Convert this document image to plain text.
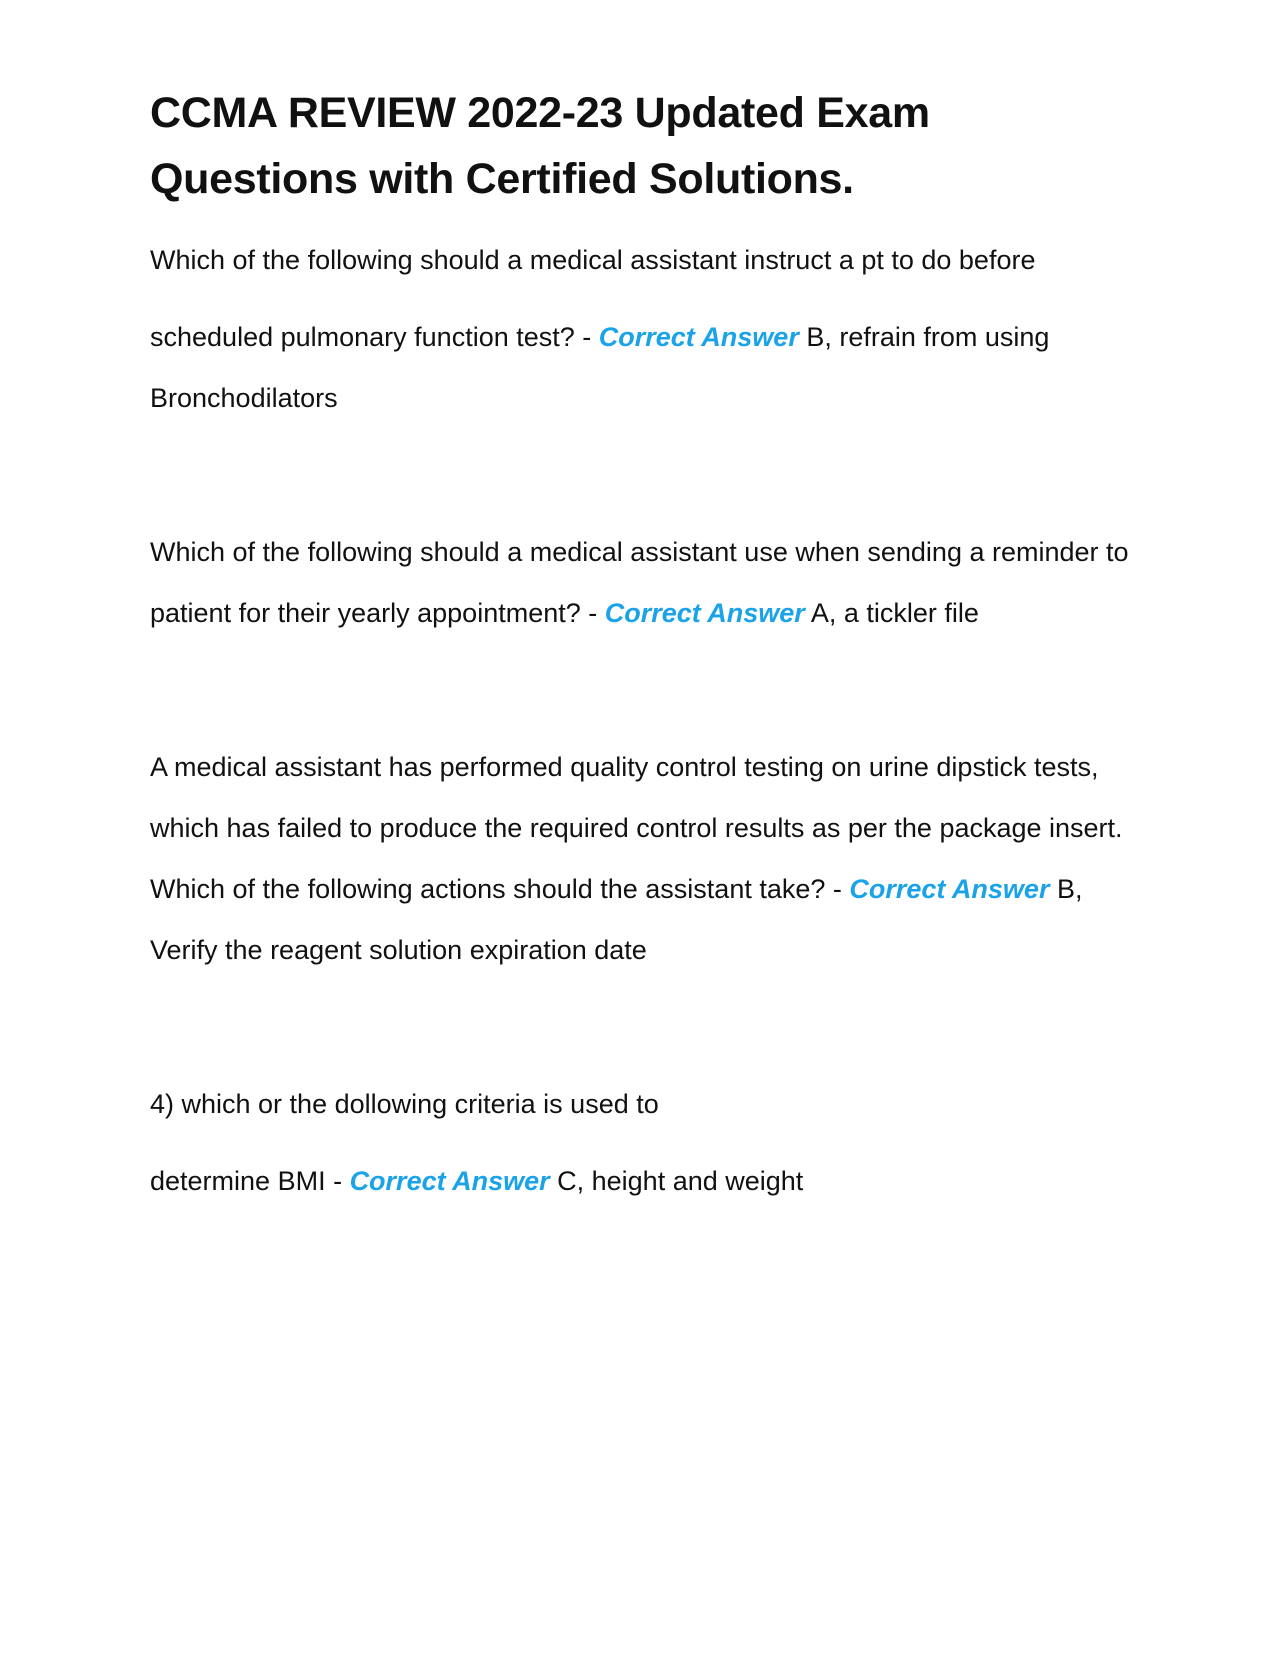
CCMA REVIEW 2022-23 Updated Exam Questions with Certified Solutions.

Which of the following should a medical assistant instruct a pt to do before

scheduled pulmonary function test? - Correct Answer B, refrain from using Bronchodilators

Which of the following should a medical assistant use when sending a reminder to patient for their yearly appointment? - Correct Answer A, a tickler file

A medical assistant has performed quality control testing on urine dipstick tests, which has failed to produce the required control results as per the package insert. Which of the following actions should the assistant take? - Correct Answer B, Verify the reagent solution expiration date

4) which or the dollowing criteria is used to

determine BMI - Correct Answer C, height and weight
